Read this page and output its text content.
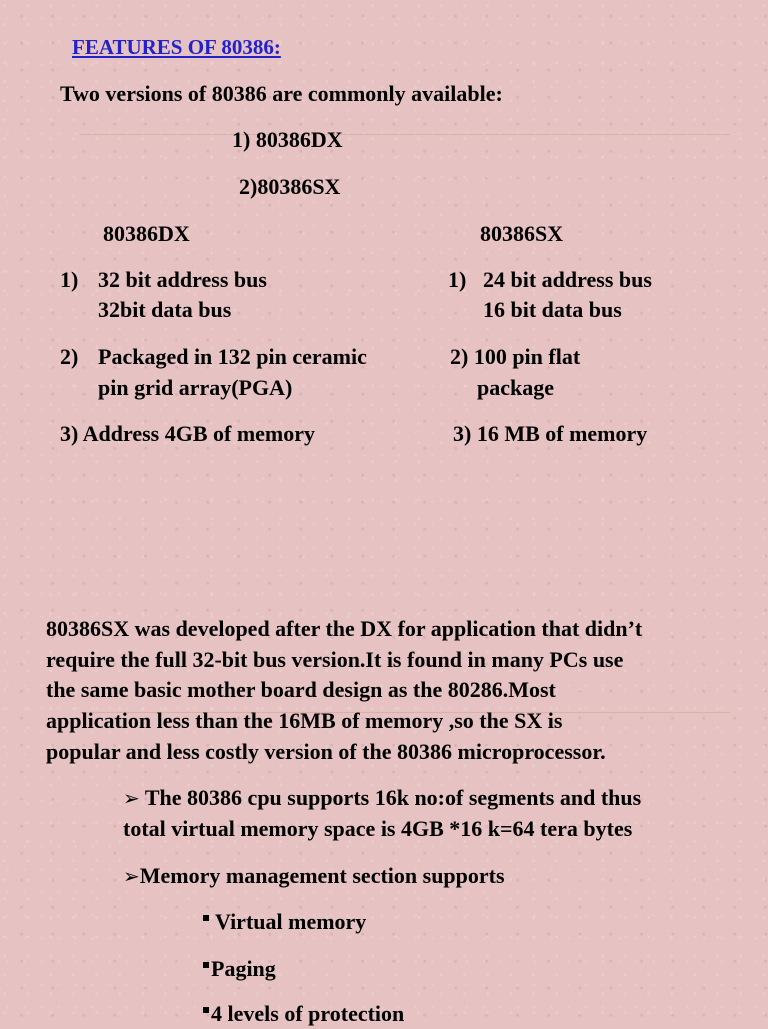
FEATURES OF 80386:
Two versions of 80386 are commonly available:
1) 80386DX
2)80386SX
80386DX	80386SX
1) 32 bit address bus
32bit data bus
1) 24 bit address bus
16 bit data bus
2) Packaged in 132 pin ceramic
pin grid array(PGA)
2) 100 pin flat
package
3) Address 4GB of memory	3) 16 MB of memory
80386SX was developed after the DX for application that didn’t
require the full 32-bit bus version.It is found in many PCs use
the same basic mother board design as the 80286.Most
application less than the 16MB of memory ,so the SX is
popular and less costly version of the 80386 microprocessor.
➢ The 80386 cpu supports 16k no:of segments and thus
total virtual memory space is 4GB *16 k=64 tera bytes
➢Memory management section supports
Virtual memory
Paging
4 levels of protection
